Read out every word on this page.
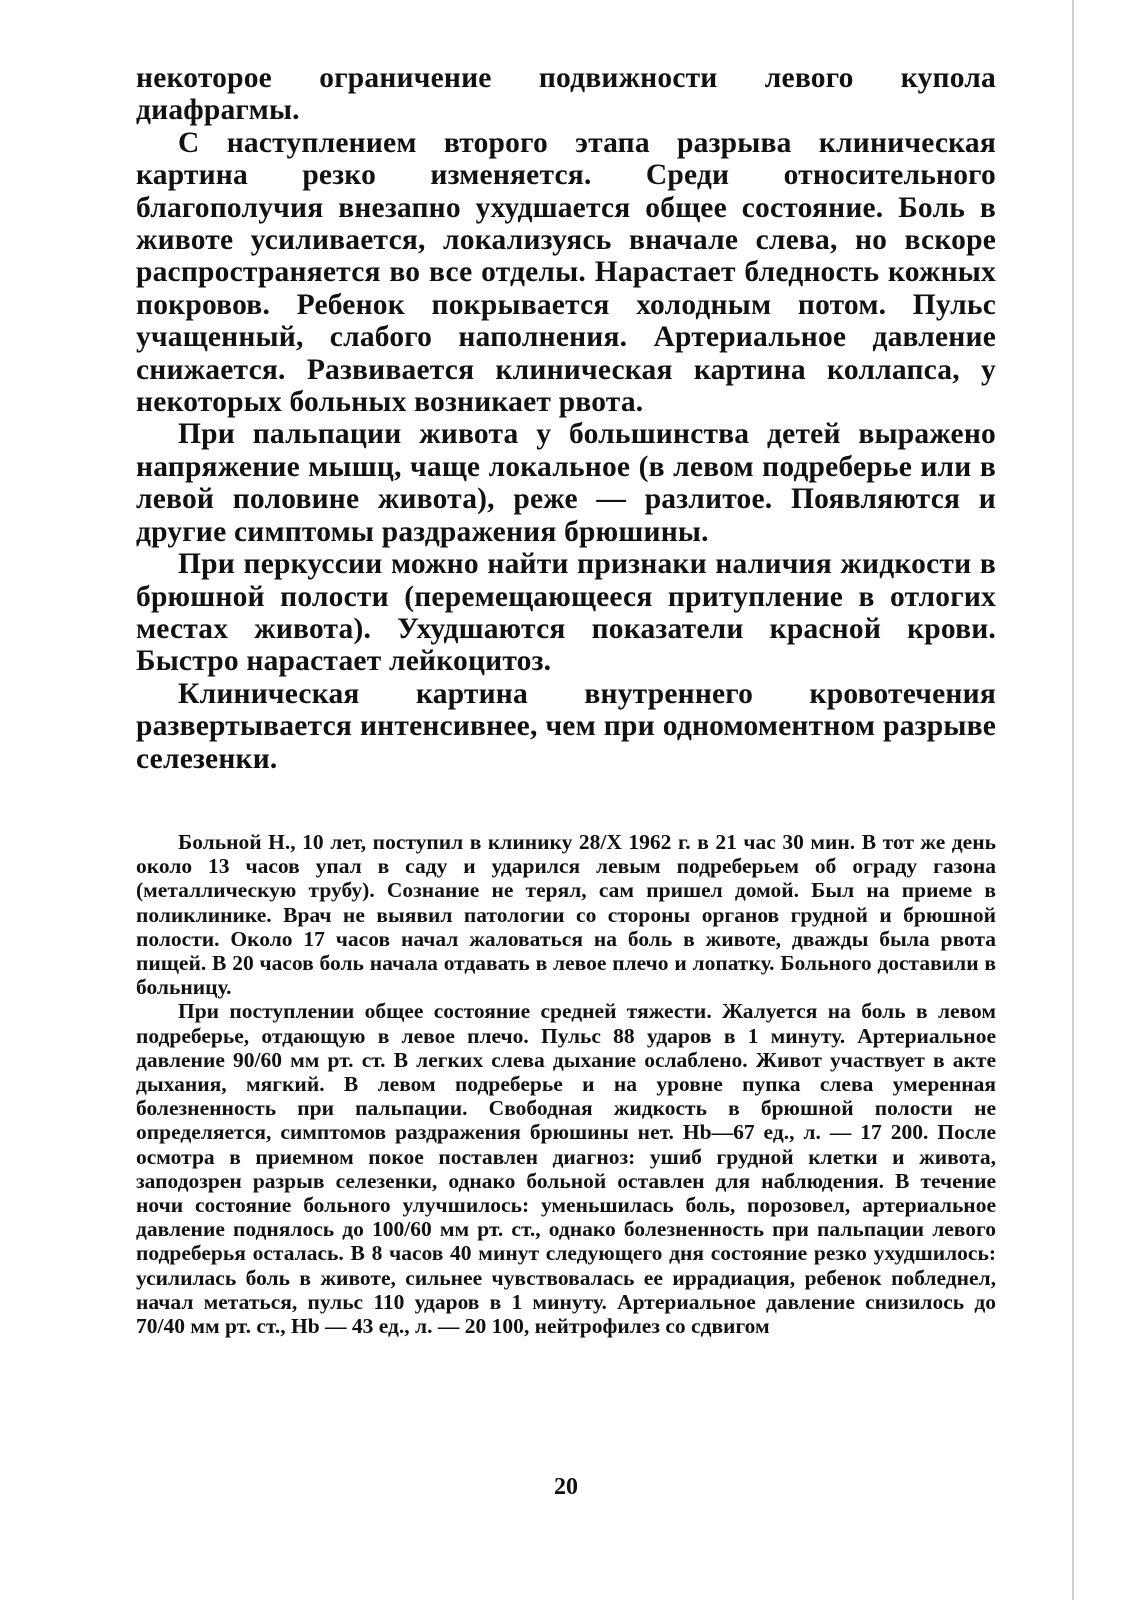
некоторое ограничение подвижности левого купола диафрагмы.

С наступлением второго этапа разрыва клиническая картина резко изменяется. Среди относительного благополучия внезапно ухудшается общее состояние. Боль в животе усиливается, локализуясь вначале слева, но вскоре распространяется во все отделы. Нарастает бледность кожных покровов. Ребенок покрывается холодным потом. Пульс учащенный, слабого наполнения. Артериальное давление снижается. Развивается клиническая картина коллапса, у некоторых больных возникает рвота.

При пальпации живота у большинства детей выражено напряжение мышц, чаще локальное (в левом подреберье или в левой половине живота), реже — разлитое. Появляются и другие симптомы раздражения брюшины.

При перкуссии можно найти признаки наличия жидкости в брюшной полости (перемещающееся притупление в отлогих местах живота). Ухудшаются показатели красной крови. Быстро нарастает лейкоцитоз.

Клиническая картина внутреннего кровотечения развертывается интенсивнее, чем при одномоментном разрыве селезенки.

Больной Н., 10 лет, поступил в клинику 28/X 1962 г. в 21 час 30 мин. В тот же день около 13 часов упал в саду и ударился левым подреберьем об ограду газона (металлическую трубу). Сознание не терял, сам пришел домой. Был на приеме в поликлинике. Врач не выявил патологии со стороны органов грудной и брюшной полости. Около 17 часов начал жаловаться на боль в животе, дважды была рвота пищей. В 20 часов боль начала отдавать в левое плечо и лопатку. Больного доставили в больницу.

При поступлении общее состояние средней тяжести. Жалуется на боль в левом подреберье, отдающую в левое плечо. Пульс 88 ударов в 1 минуту. Артериальное давление 90/60 мм рт. ст. В легких слева дыхание ослаблено. Живот участвует в акте дыхания, мягкий. В левом подреберье и на уровне пупка слева умеренная болезненность при пальпации. Свободная жидкость в брюшной полости не определяется, симптомов раздражения брюшины нет. Hb—67 ед., л. — 17 200. После осмотра в приемном покое поставлен диагноз: ушиб грудной клетки и живота, заподозрен разрыв селезенки, однако больной оставлен для наблюдения. В течение ночи состояние больного улучшилось: уменьшилась боль, порозовел, артериальное давление поднялось до 100/60 мм рт. ст., однако болезненность при пальпации левого подреберья осталась. В 8 часов 40 минут следующего дня состояние резко ухудшилось: усилилась боль в животе, сильнее чувствовалась ее иррадиация, ребенок побледнел, начал метаться, пульс 110 ударов в 1 минуту. Артериальное давление снизилось до 70/40 мм рт. ст., Hb — 43 ед., л. — 20 100, нейтрофилез со сдвигом

20
